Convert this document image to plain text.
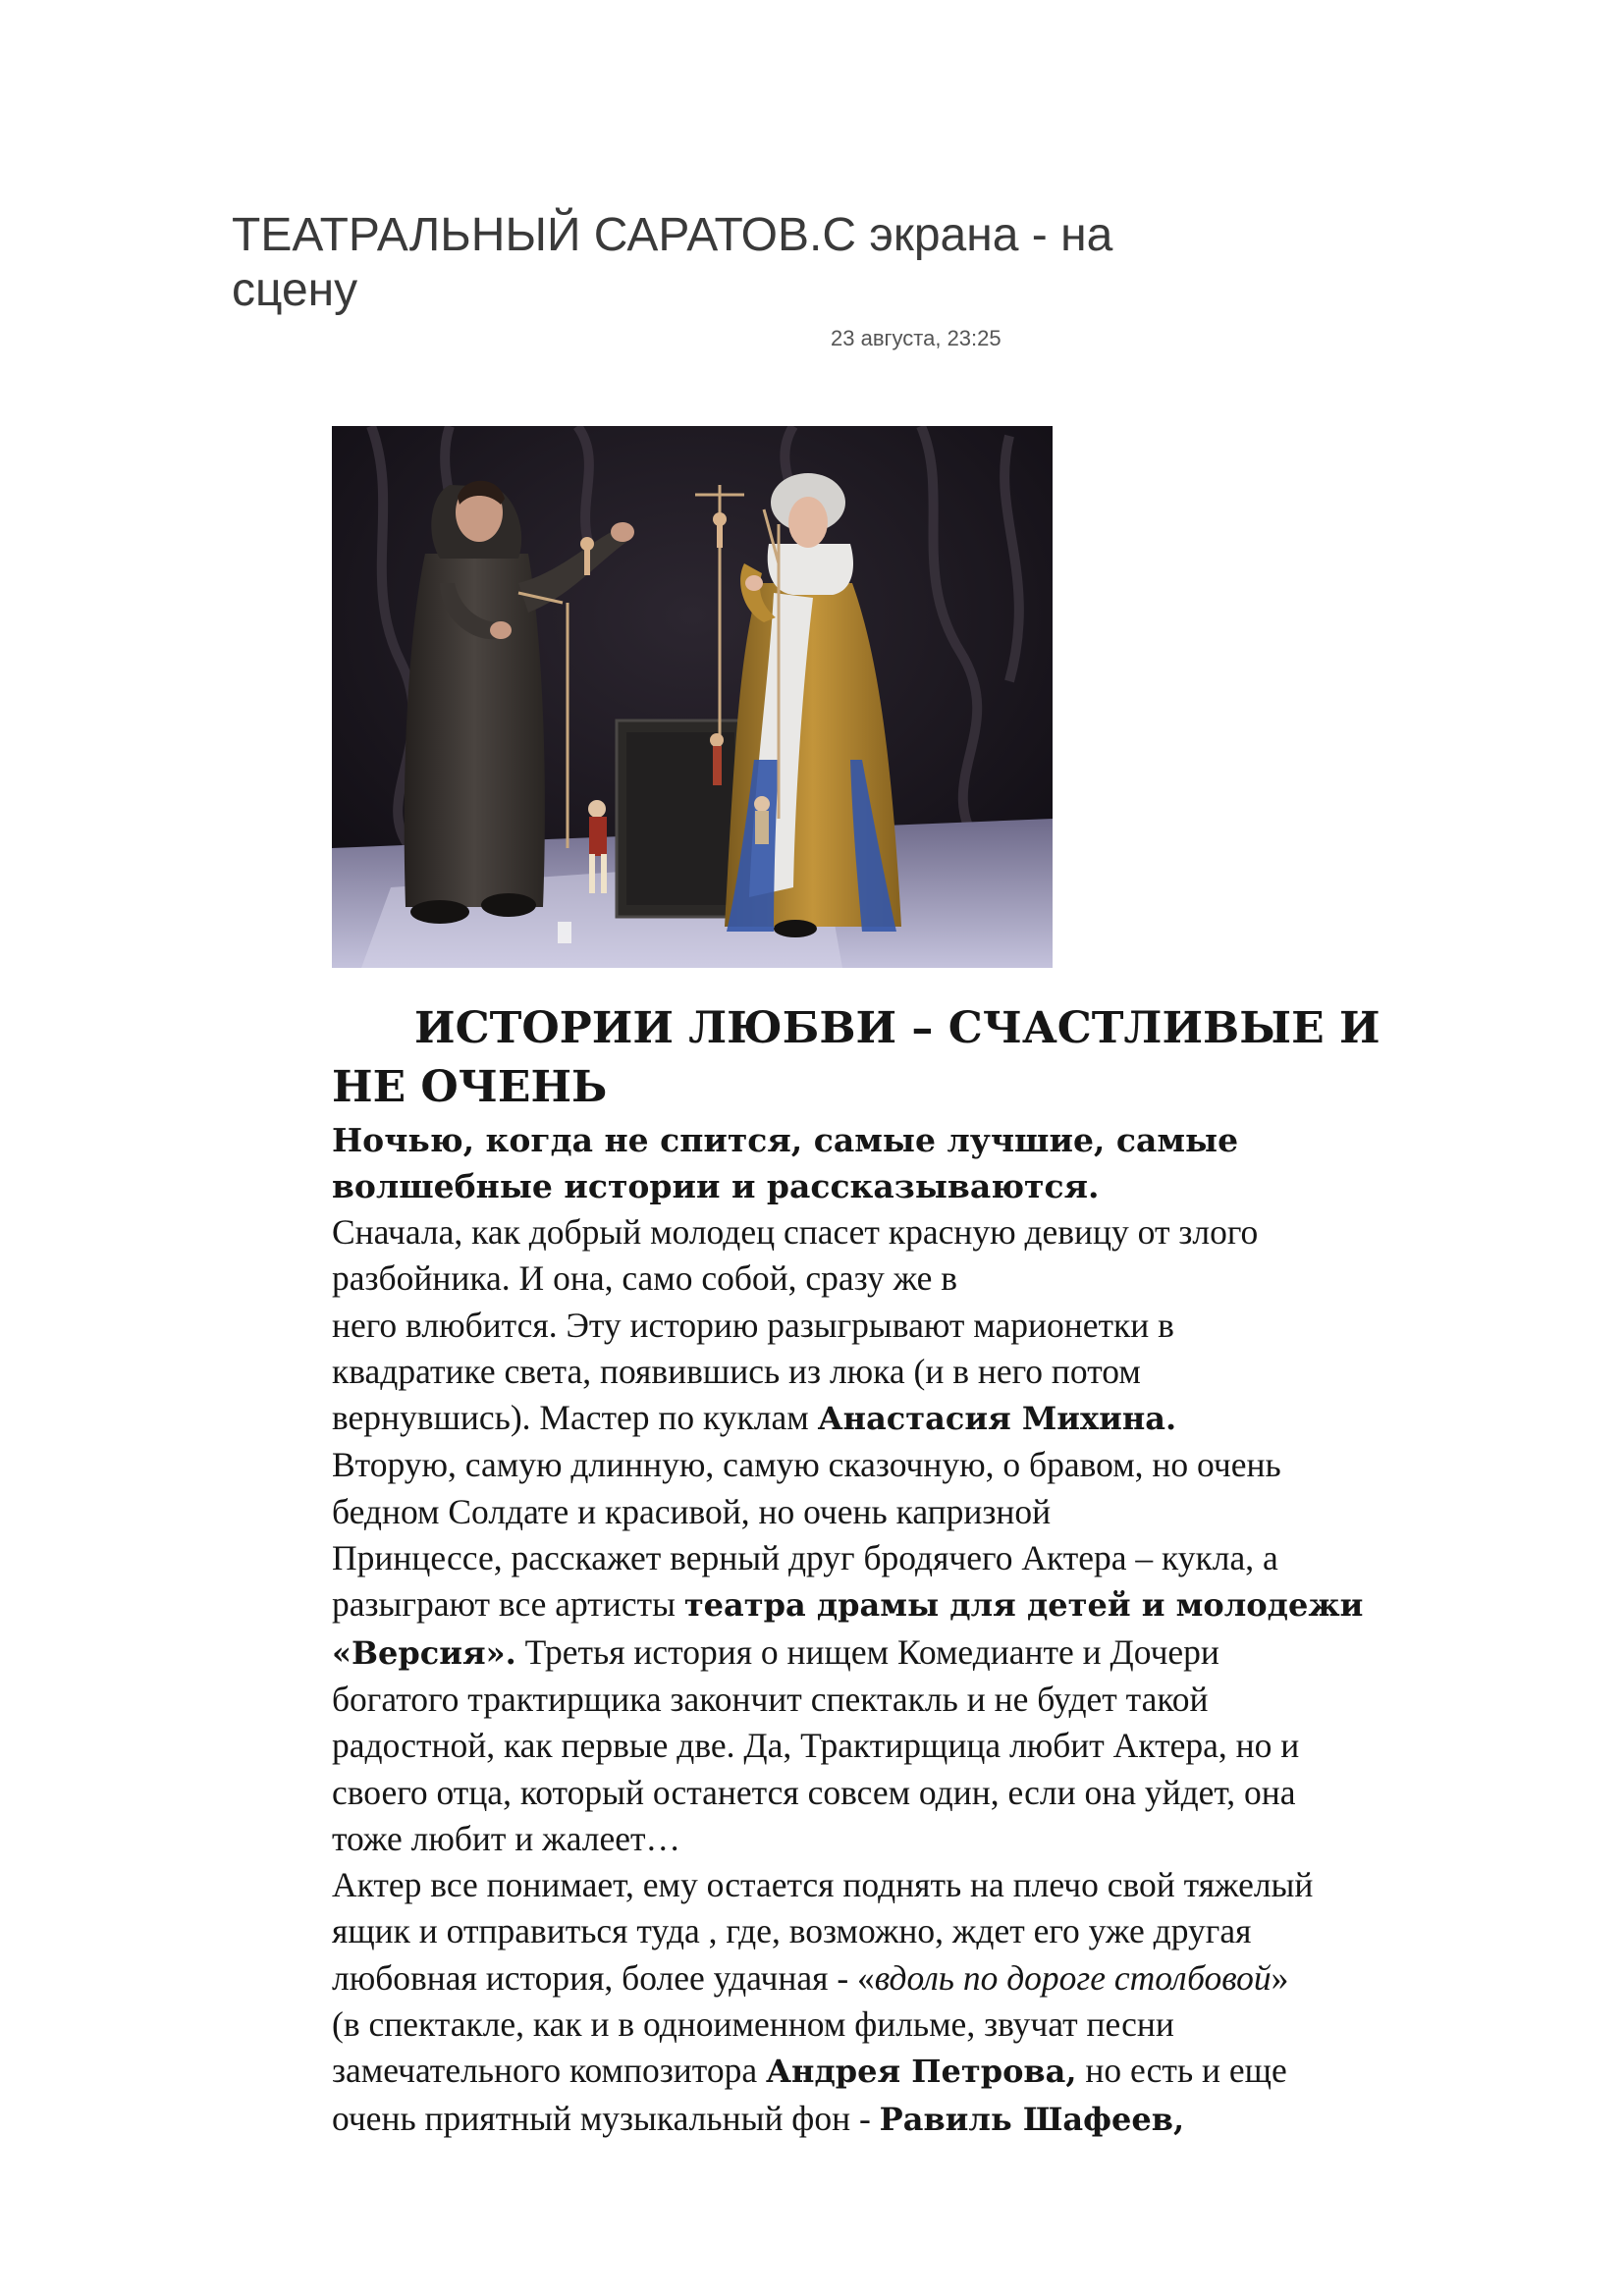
ТЕАТРАЛЬНЫЙ САРАТОВ.С экрана - на сцену
23 августа, 23:25
ИСТОРИИ ЛЮБВИ – СЧАСТЛИВЫЕ И
НЕ ОЧЕНЬ

Ночью, когда не спится, самые лучшие, самые
волшебные истории и рассказываются.

Сначала, как добрый молодец спасет красную девицу от злого
разбойника. И она, само собой, сразу же в
него влюбится. Эту историю разыгрывают марионетки в
квадратике света, появившись из люка (и в него потом
вернувшись). Мастер по куклам Анастасия Михина.
Вторую, самую длинную, самую сказочную, о бравом, но очень
бедном Солдате и красивой, но очень капризной
Принцессе, расскажет верный друг бродячего Актера – кукла, а
разыграют все артисты театра драмы для детей и молодежи
«Версия». Третья история о нищем Комедианте и Дочери
богатого трактирщика закончит спектакль и не будет такой
радостной, как первые две. Да, Трактирщица любит Актера, но и
своего отца, который останется совсем один, если она уйдет, она
тоже любит и жалеет…
Актер все понимает, ему остается поднять на плечо свой тяжелый
ящик и отправиться туда , где, возможно, ждет его уже другая
любовная история, более удачная - «вдоль по дороге столбовой»
(в спектакле, как и в одноименном фильме, звучат песни
замечательного композитора Андрея Петрова, но есть и еще
очень приятный музыкальный фон - Равиль Шафеев,
